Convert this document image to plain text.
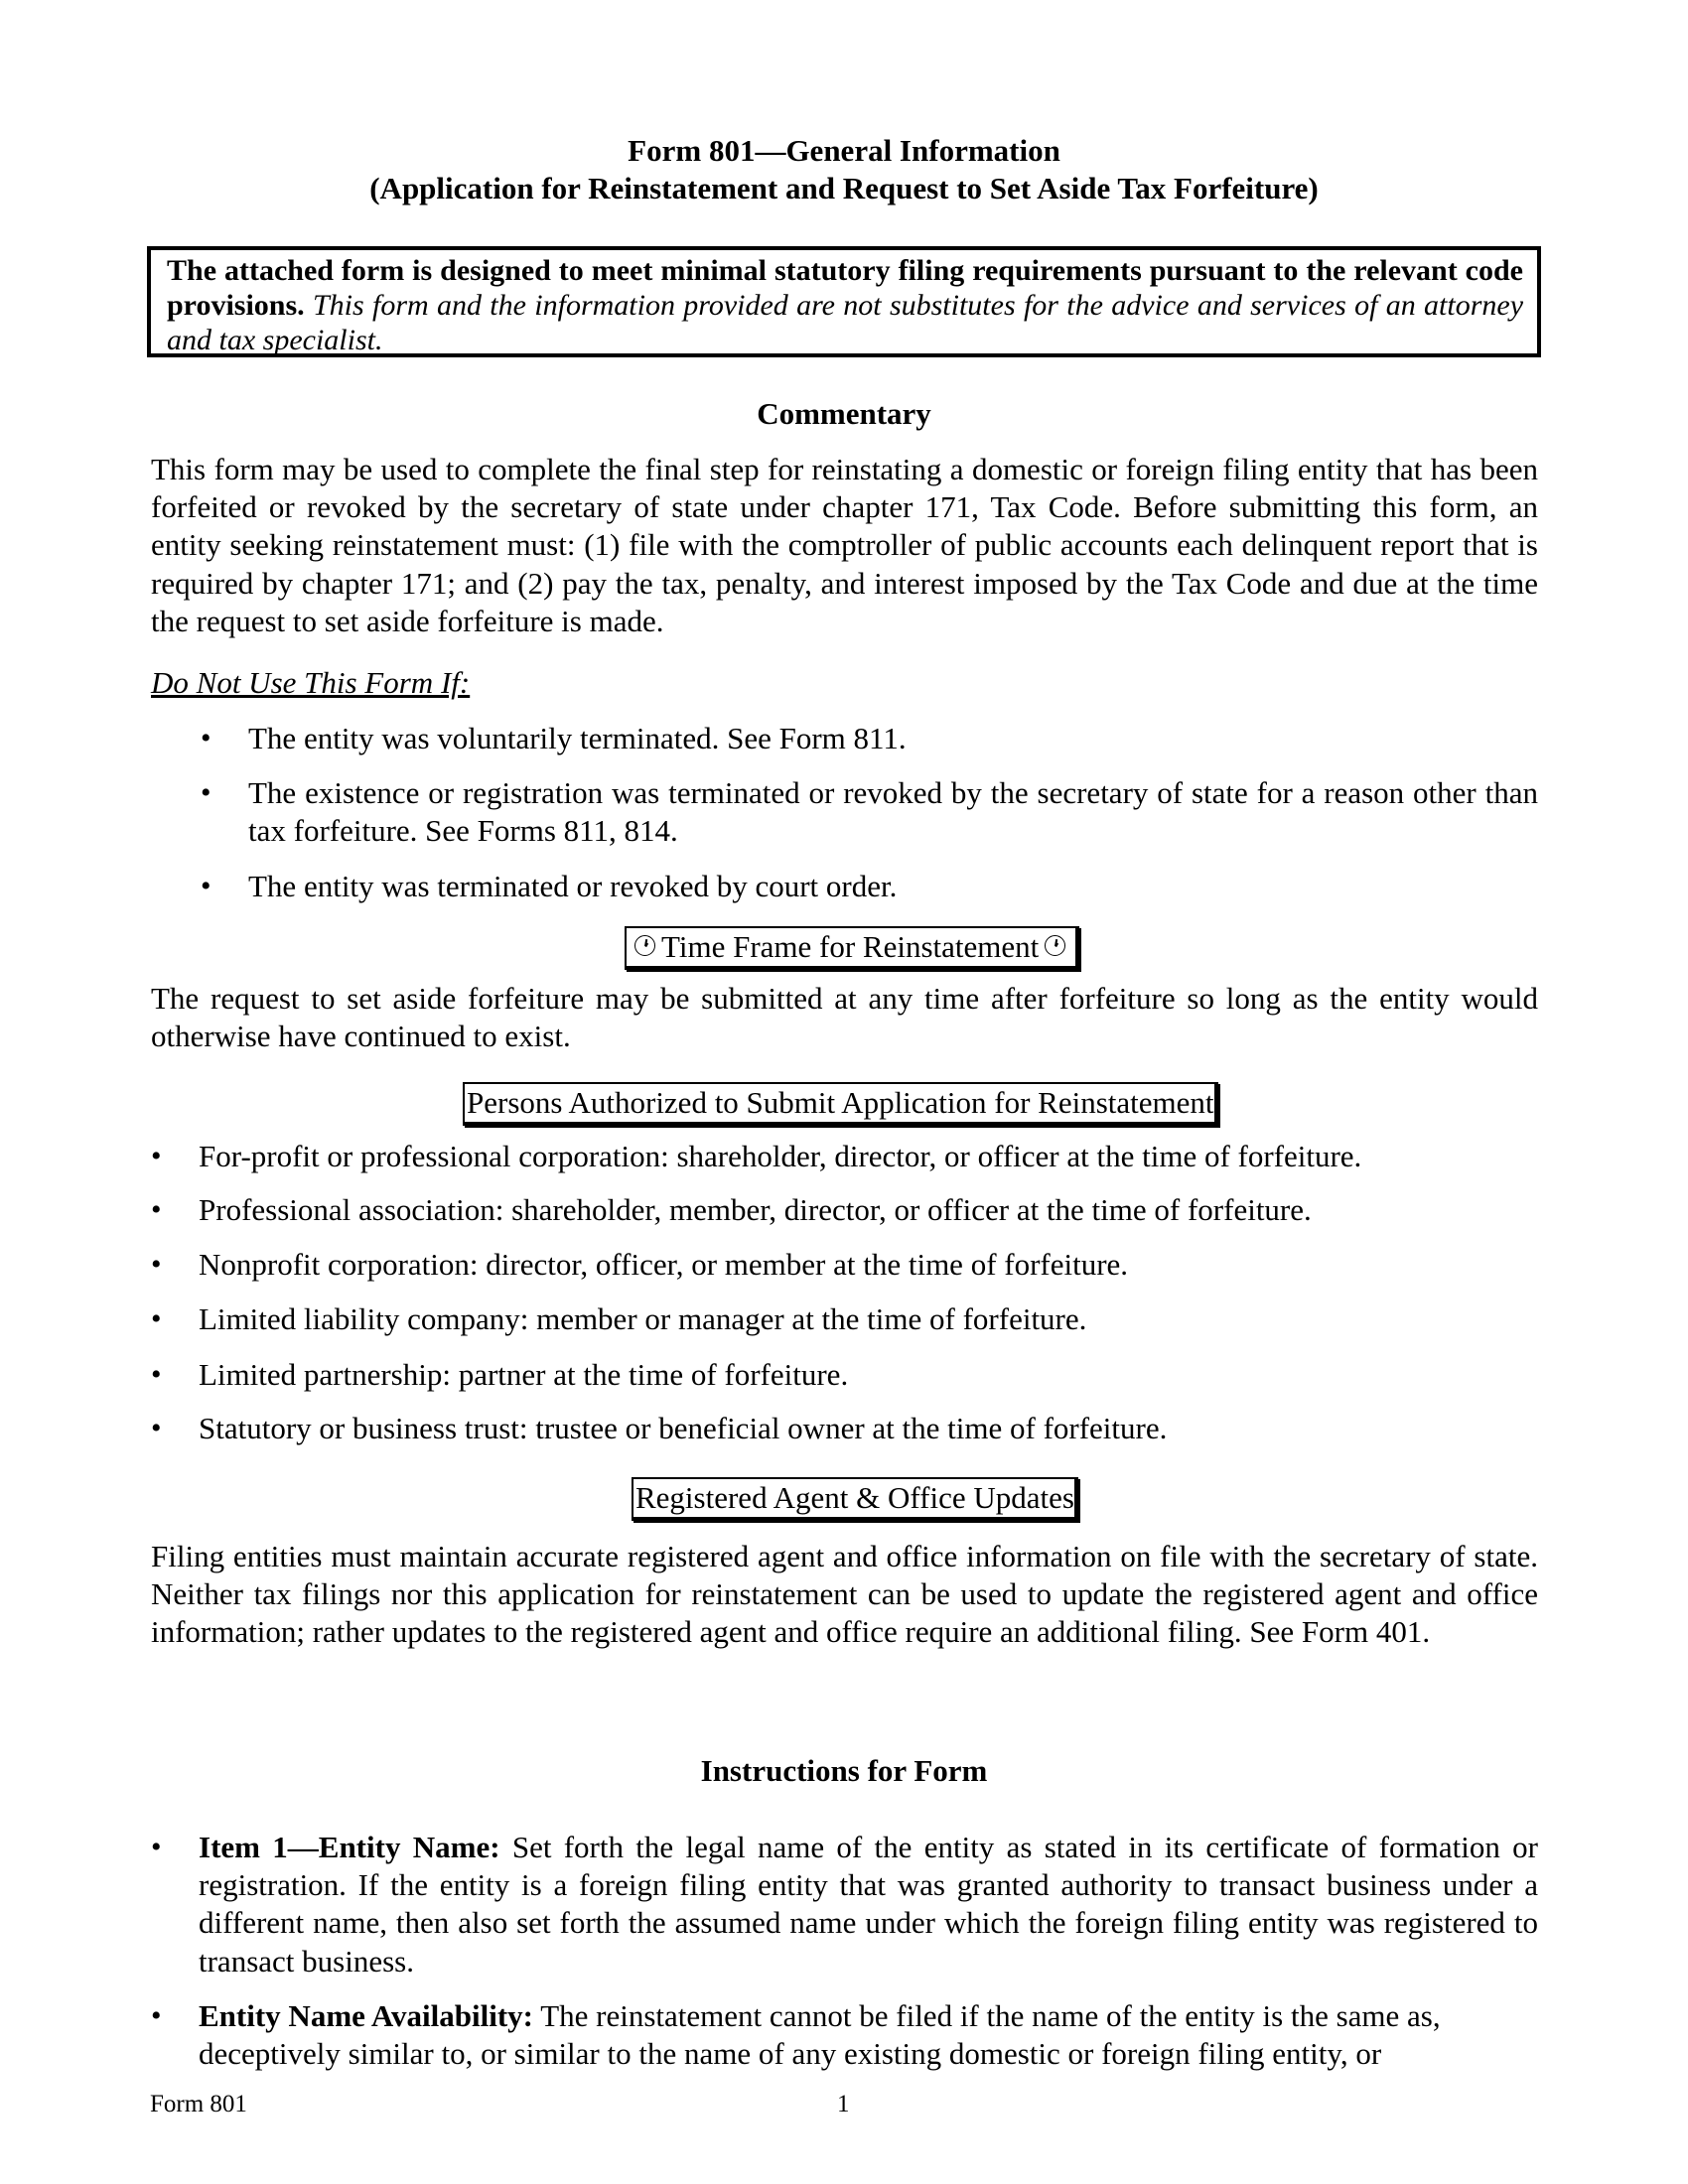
Form 801—General Information
(Application for Reinstatement and Request to Set Aside Tax Forfeiture)
The attached form is designed to meet minimal statutory filing requirements pursuant to the relevant code provisions. This form and the information provided are not substitutes for the advice and services of an attorney and tax specialist.
Commentary
This form may be used to complete the final step for reinstating a domestic or foreign filing entity that has been forfeited or revoked by the secretary of state under chapter 171, Tax Code. Before submitting this form, an entity seeking reinstatement must: (1) file with the comptroller of public accounts each delinquent report that is required by chapter 171; and (2) pay the tax, penalty, and interest imposed by the Tax Code and due at the time the request to set aside forfeiture is made.
Do Not Use This Form If:
•
The entity was voluntarily terminated. See Form 811.
•
The existence or registration was terminated or revoked by the secretary of state for a reason other than tax forfeiture. See Forms 811, 814.
•
The entity was terminated or revoked by court order.
Time Frame for Reinstatement
The request to set aside forfeiture may be submitted at any time after forfeiture so long as the entity would otherwise have continued to exist.
Persons Authorized to Submit Application for Reinstatement
•
For-profit or professional corporation: shareholder, director, or officer at the time of forfeiture.
•
Professional association: shareholder, member, director, or officer at the time of forfeiture.
•
Nonprofit corporation: director, officer, or member at the time of forfeiture.
•
Limited liability company: member or manager at the time of forfeiture.
•
Limited partnership: partner at the time of forfeiture.
•
Statutory or business trust: trustee or beneficial owner at the time of forfeiture.
Registered Agent & Office Updates
Filing entities must maintain accurate registered agent and office information on file with the secretary of state. Neither tax filings nor this application for reinstatement can be used to update the registered agent and office information; rather updates to the registered agent and office require an additional filing. See Form 401.
Instructions for Form
•
Item 1—Entity Name: Set forth the legal name of the entity as stated in its certificate of formation or registration. If the entity is a foreign filing entity that was granted authority to transact business under a different name, then also set forth the assumed name under which the foreign filing entity was registered to transact business.
•
Entity Name Availability: The reinstatement cannot be filed if the name of the entity is the same as, deceptively similar to, or similar to the name of any existing domestic or foreign filing entity, or
Form 801	1
